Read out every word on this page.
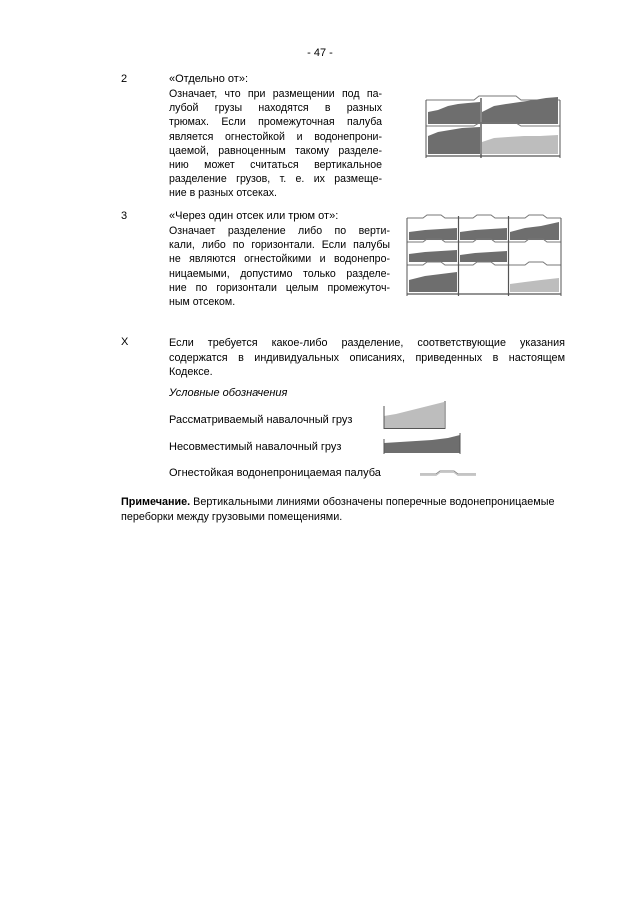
- 47 -
2	«Отдельно от»:
Означает, что при размещении под па-
лубой грузы находятся в разных
трюмах. Если промежуточная палуба
является огнестойкой и водонепрони-
цаемой, равноценным такому разделе-
нию может считаться вертикальное
разделение грузов, т. е. их размеще-
ние в разных отсеках.
3	«Через один отсек или трюм от»:
Означает разделение либо по верти-
кали, либо по горизонтали. Если палубы
не являются огнестойкими и водонепро-
ницаемыми, допустимо только разделе-
ние по горизонтали целым промежуточ-
ным отсеком.
X	Если требуется какое-либо разделение, соответствующие указания содержатся в индивидуальных описаниях, приведенных в настоящем Кодексе.
Условные обозначения
Рассматриваемый навалочный груз
Несовместимый навалочный груз
Огнестойкая водонепроницаемая палуба
Примечание. Вертикальными линиями обозначены поперечные водонепроницаемые переборки между грузовыми помещениями.
